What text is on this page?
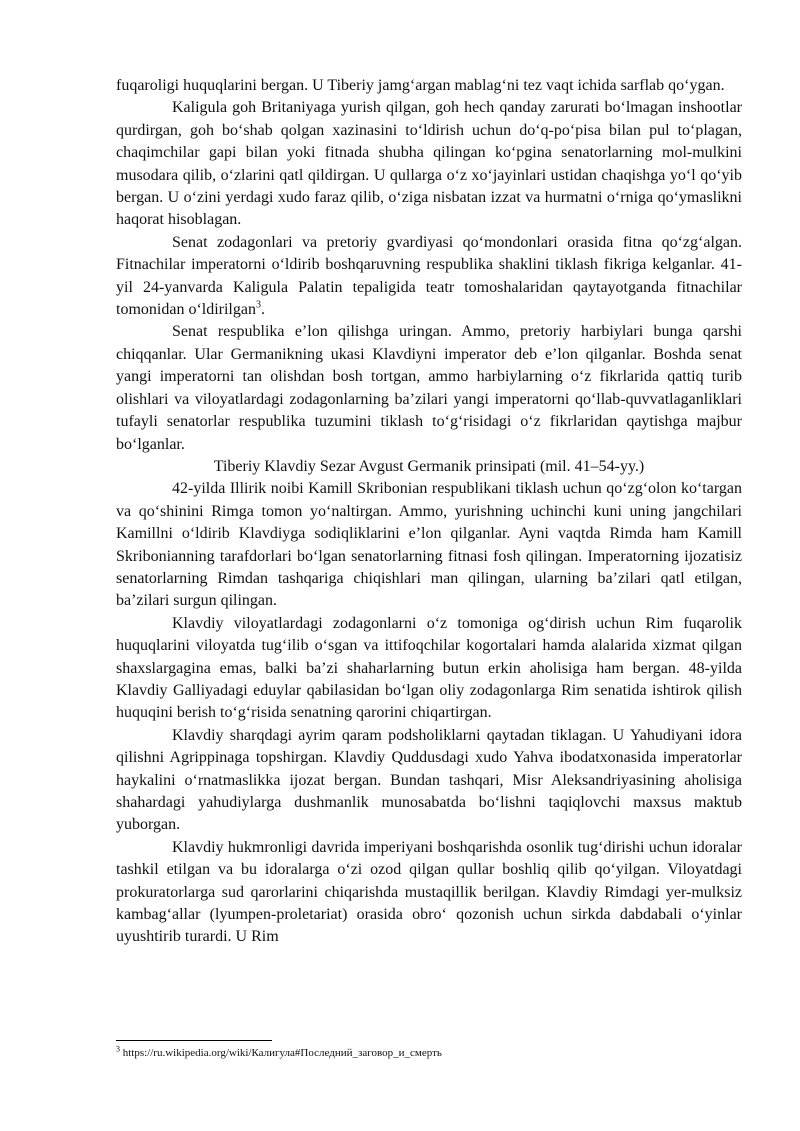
fuqaroligi huquqlarini bergan. U Tiberiy jamg‘argan mablag‘ni tez vaqt ichida sarflab qo‘ygan.

Kaligula goh Britaniyaga yurish qilgan, goh hech qanday zarurati bo‘lmagan inshootlar qurdirgan, goh bo‘shab qolgan xazinasini to‘ldirish uchun do‘q-po‘pisa bilan pul to‘plagan, chaqimchilar gapi bilan yoki fitnada shubha qilingan ko‘pgina senatorlarning mol-mulkini musodara qilib, o‘zlarini qatl qildirgan. U qullarga o‘z xo‘jayinlari ustidan chaqishga yo‘l qo‘yib bergan. U o‘zini yerdagi xudo faraz qilib, o‘ziga nisbatan izzat va hurmatni o‘rniga qo‘ymaslikni haqorat hisoblagan.

Senat zodagonlari va pretoriy gvardiyasi qo‘mondonlari orasida fitna qo‘zg‘algan. Fitnachilar imperatorni o‘ldirib boshqaruvning respublika shaklini tiklash fikriga kelganlar. 41-yil 24-yanvarda Kaligula Palatin tepaligida teatr tomoshalaridan qaytayotganda fitnachilar tomonidan o‘ldirilgan$^3$.

Senat respublika e’lon qilishga uringan. Ammo, pretoriy harbiylari bunga qarshi chiqqanlar. Ular Germanikning ukasi Klavdiyni imperator deb e’lon qilganlar. Boshda senat yangi imperatorni tan olishdan bosh tortgan, ammo harbiylarning o‘z fikrlarida qattiq turib olishlari va viloyatlardagi zodagonlarning ba’zilari yangi imperatorni qo‘llab-quvvatlaganliklari tufayli senatorlar respublika tuzumini tiklash to‘g‘risidagi o‘z fikrlaridan qaytishga majbur bo‘lganlar.

Tiberiy Klavdiy Sezar Avgust Germanik prinsipati (mil. 41–54-yy.)

42-yilda Illirik noibi Kamill Skribonian respublikani tiklash uchun qo‘zg‘olon ko‘targan va qo‘shinini Rimga tomon yo‘naltirgan. Ammo, yurishning uchinchi kuni uning jangchilari Kamillni o‘ldirib Klavdiyga sodiqliklarini e’lon qilganlar. Ayni vaqtda Rimda ham Kamill Skribonianning tarafdorlari bo‘lgan senatorlarning fitnasi fosh qilingan. Imperatorning ijozatisiz senatorlarning Rimdan tashqariga chiqishlari man qilingan, ularning ba’zilari qatl etilgan, ba’zilari surgun qilingan.

Klavdiy viloyatlardagi zodagonlarni o‘z tomoniga og‘dirish uchun Rim fuqarolik huquqlarini viloyatda tug‘ilib o‘sgan va ittifoqchilar kogortalari hamda alalarida xizmat qilgan shaxslargagina emas, balki ba’zi shaharlarning butun erkin aholisiga ham bergan. 48-yilda Klavdiy Galliyadagi eduylar qabilasidan bo‘lgan oliy zodagonlarga Rim senatida ishtirok qilish huquqini berish to‘g‘risida senatning qarorini chiqartirgan.

Klavdiy sharqdagi ayrim qaram podsholiklarni qaytadan tiklagan. U Yahudiyani idora qilishni Agrippinaga topshirgan. Klavdiy Quddusdagi xudo Yahva ibodatxonasida imperatorlar haykalini o‘rnatmaslikka ijozat bergan. Bundan tashqari, Misr Aleksandriyasining aholisiga shahardagi yahudiylarga dushmanlik munosabatda bo‘lishni taqiqlovchi maxsus maktub yuborgan.

Klavdiy hukmronligi davrida imperiyani boshqarishda osonlik tug‘dirishi uchun idoralar tashkil etilgan va bu idoralarga o‘zi ozod qilgan qullar boshliq qilib qo‘yilgan. Viloyatdagi prokuratorlarga sud qarorlarini chiqarishda mustaqillik berilgan. Klavdiy Rimdagi yer-mulksiz kambag‘allar (lyumpen-proletariat) orasida obro‘ qozonish uchun sirkda dabdabali o‘yinlar uyushtirib turardi. U Rim

$^3$ https://ru.wikipedia.org/wiki/Калигула#Последний_заговор_и_смерть
